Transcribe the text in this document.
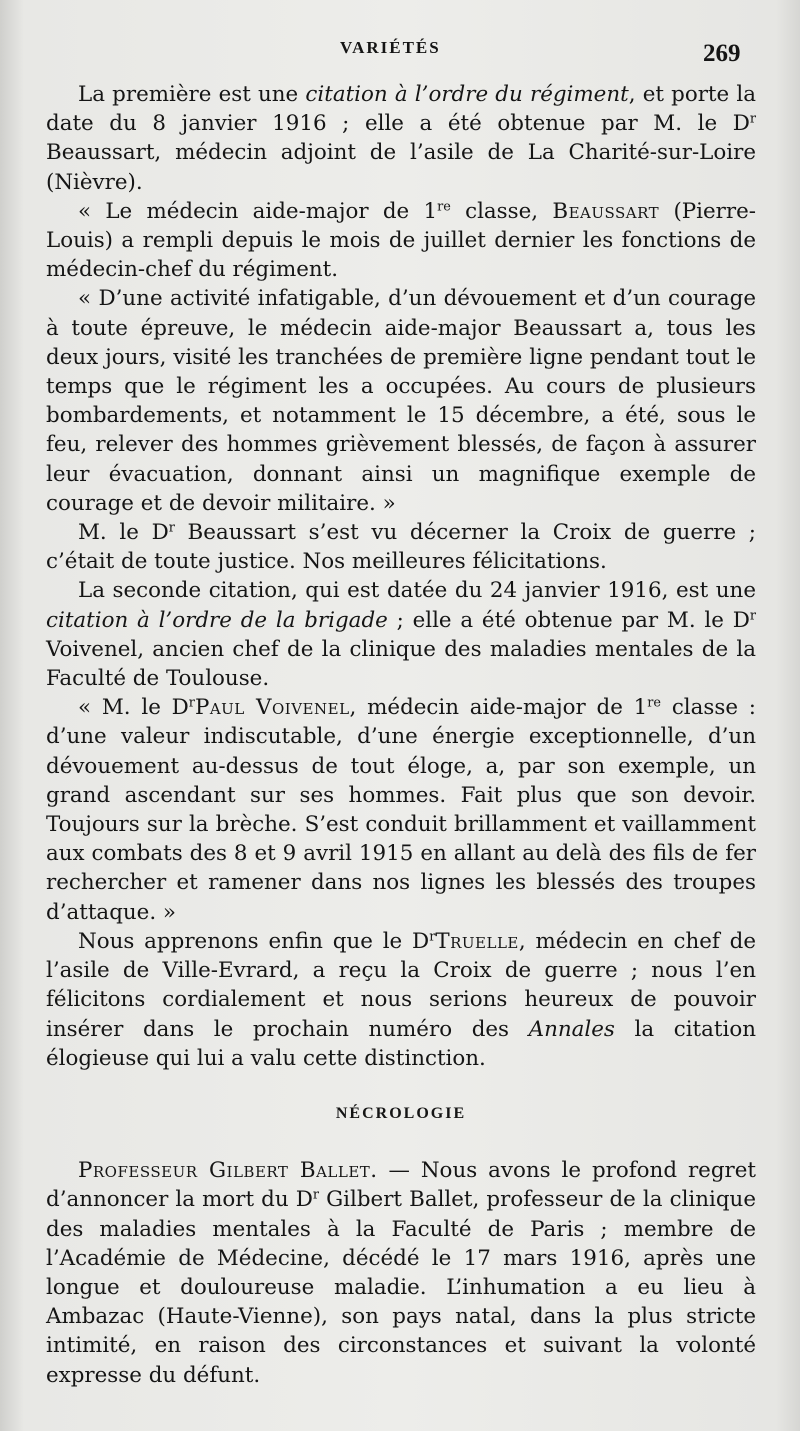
VARIÉTÉS	269

La première est une citation à l’ordre du régiment, et porte la date du 8 janvier 1916 ; elle a été obtenue par M. le $D^r$ Beaussart, médecin adjoint de l’asile de La Charité-sur-Loire (Nièvre).

« Le médecin aide-major de 1re classe, Beaussart (Pierre-Louis) a rempli depuis le mois de juillet dernier les fonctions de médecin-chef du régiment.

« D’une activité infatigable, d’un dévouement et d’un courage à toute épreuve, le médecin aide-major Beaussart a, tous les deux jours, visité les tranchées de première ligne pendant tout le temps que le régiment les a occupées. Au cours de plusieurs bombardements, et notamment le 15 décembre, a été, sous le feu, relever des hommes grièvement blessés, de façon à assurer leur évacuation, donnant ainsi un magnifique exemple de courage et de devoir militaire. »

M. le $D^r$ Beaussart s’est vu décerner la Croix de guerre ; c’était de toute justice. Nos meilleures félicitations.

La seconde citation, qui est datée du 24 janvier 1916, est une citation à l’ordre de la brigade ; elle a été obtenue par M. le $D^r$ Voivenel, ancien chef de la clinique des maladies mentales de la Faculté de Toulouse.

« M. le $D^rPaul$ Voivenel, médecin aide-major de 1re classe : d’une valeur indiscutable, d’une énergie exceptionnelle, d’un dévouement au-dessus de tout éloge, a, par son exemple, un grand ascendant sur ses hommes. Fait plus que son devoir. Toujours sur la brèche. S’est conduit brillamment et vaillamment aux combats des 8 et 9 avril 1915 en allant au delà des fils de fer rechercher et ramener dans nos lignes les blessés des troupes d’attaque. »

Nous apprenons enfin que le $D^rTruelle$, médecin en chef de l’asile de Ville-Evrard, a reçu la Croix de guerre ; nous l’en félicitons cordialement et nous serions heureux de pouvoir insérer dans le prochain numéro des Annales la citation élogieuse qui lui a valu cette distinction.

NÉCROLOGIE

Professeur Gilbert Ballet. — Nous avons le profond regret d’annoncer la mort du $D^r$ Gilbert Ballet, professeur de la clinique des maladies mentales à la Faculté de Paris ; membre de l’Académie de Médecine, décédé le 17 mars 1916, après une longue et douloureuse maladie. L’inhumation a eu lieu à Ambazac (Haute-Vienne), son pays natal, dans la plus stricte intimité, en raison des circonstances et suivant la volonté expresse du défunt.
